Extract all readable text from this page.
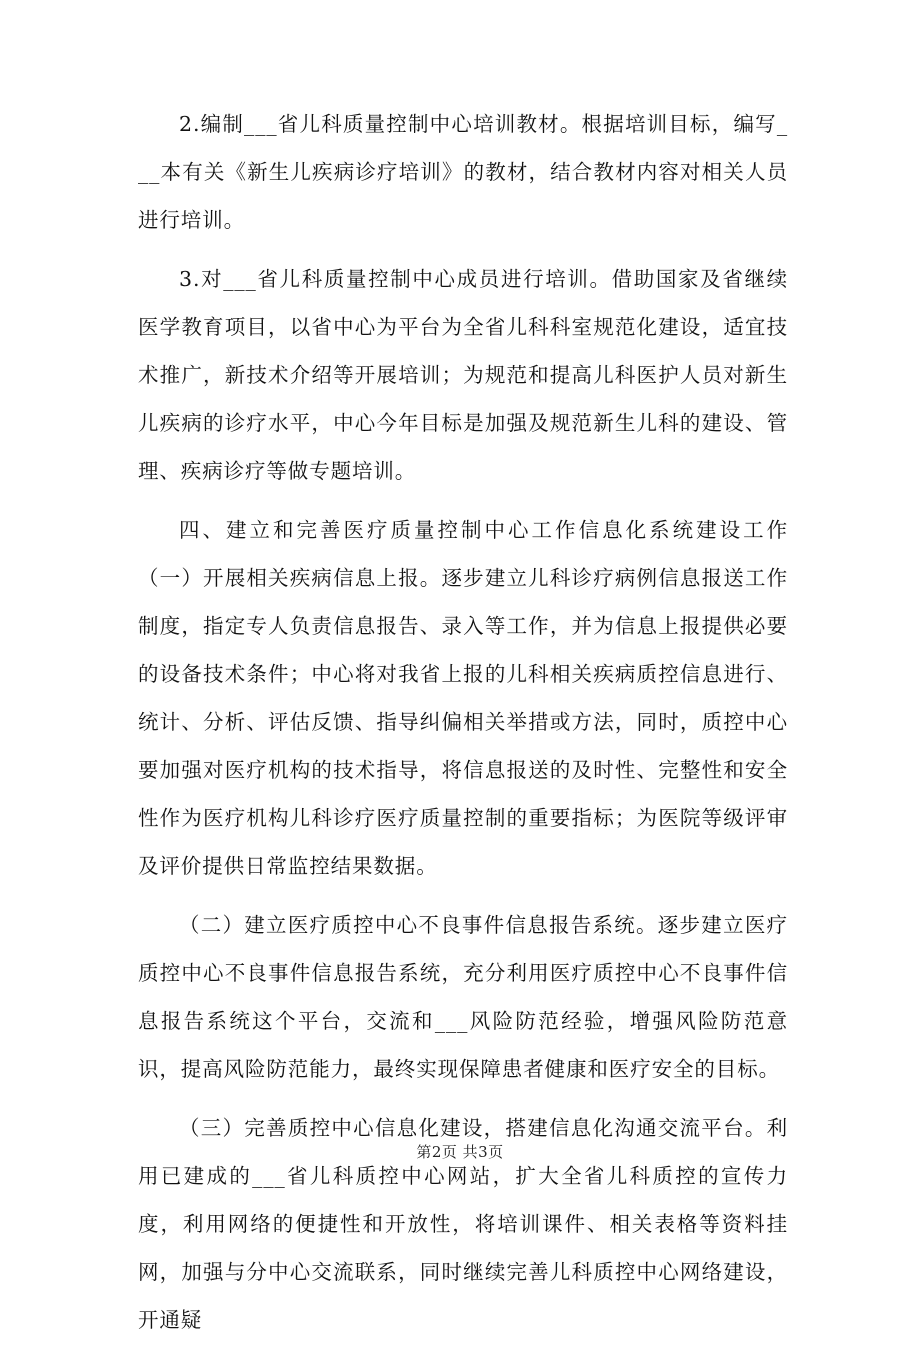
2.编制___省儿科质量控制中心培训教材。根据培训目标，编写___本有关《新生儿疾病诊疗培训》的教材，结合教材内容对相关人员进行培训。

3.对___省儿科质量控制中心成员进行培训。借助国家及省继续医学教育项目，以省中心为平台为全省儿科科室规范化建设，适宜技术推广，新技术介绍等开展培训；为规范和提高儿科医护人员对新生儿疾病的诊疗水平，中心今年目标是加强及规范新生儿科的建设、管理、疾病诊疗等做专题培训。

四、建立和完善医疗质量控制中心工作信息化系统建设工作（一）开展相关疾病信息上报。逐步建立儿科诊疗病例信息报送工作制度，指定专人负责信息报告、录入等工作，并为信息上报提供必要的设备技术条件；中心将对我省上报的儿科相关疾病质控信息进行、统计、分析、评估反馈、指导纠偏相关举措或方法，同时，质控中心要加强对医疗机构的技术指导，将信息报送的及时性、完整性和安全性作为医疗机构儿科诊疗医疗质量控制的重要指标；为医院等级评审及评价提供日常监控结果数据。

（二）建立医疗质控中心不良事件信息报告系统。逐步建立医疗质控中心不良事件信息报告系统，充分利用医疗质控中心不良事件信息报告系统这个平台，交流和___风险防范经验，增强风险防范意识，提高风险防范能力，最终实现保障患者健康和医疗安全的目标。

（三）完善质控中心信息化建设，搭建信息化沟通交流平台。利用已建成的___省儿科质控中心网站，扩大全省儿科质控的宣传力度，利用网络的便捷性和开放性，将培训课件、相关表格等资料挂网，加强与分中心交流联系，同时继续完善儿科质控中心网络建设，开通疑

第2页 共3页
